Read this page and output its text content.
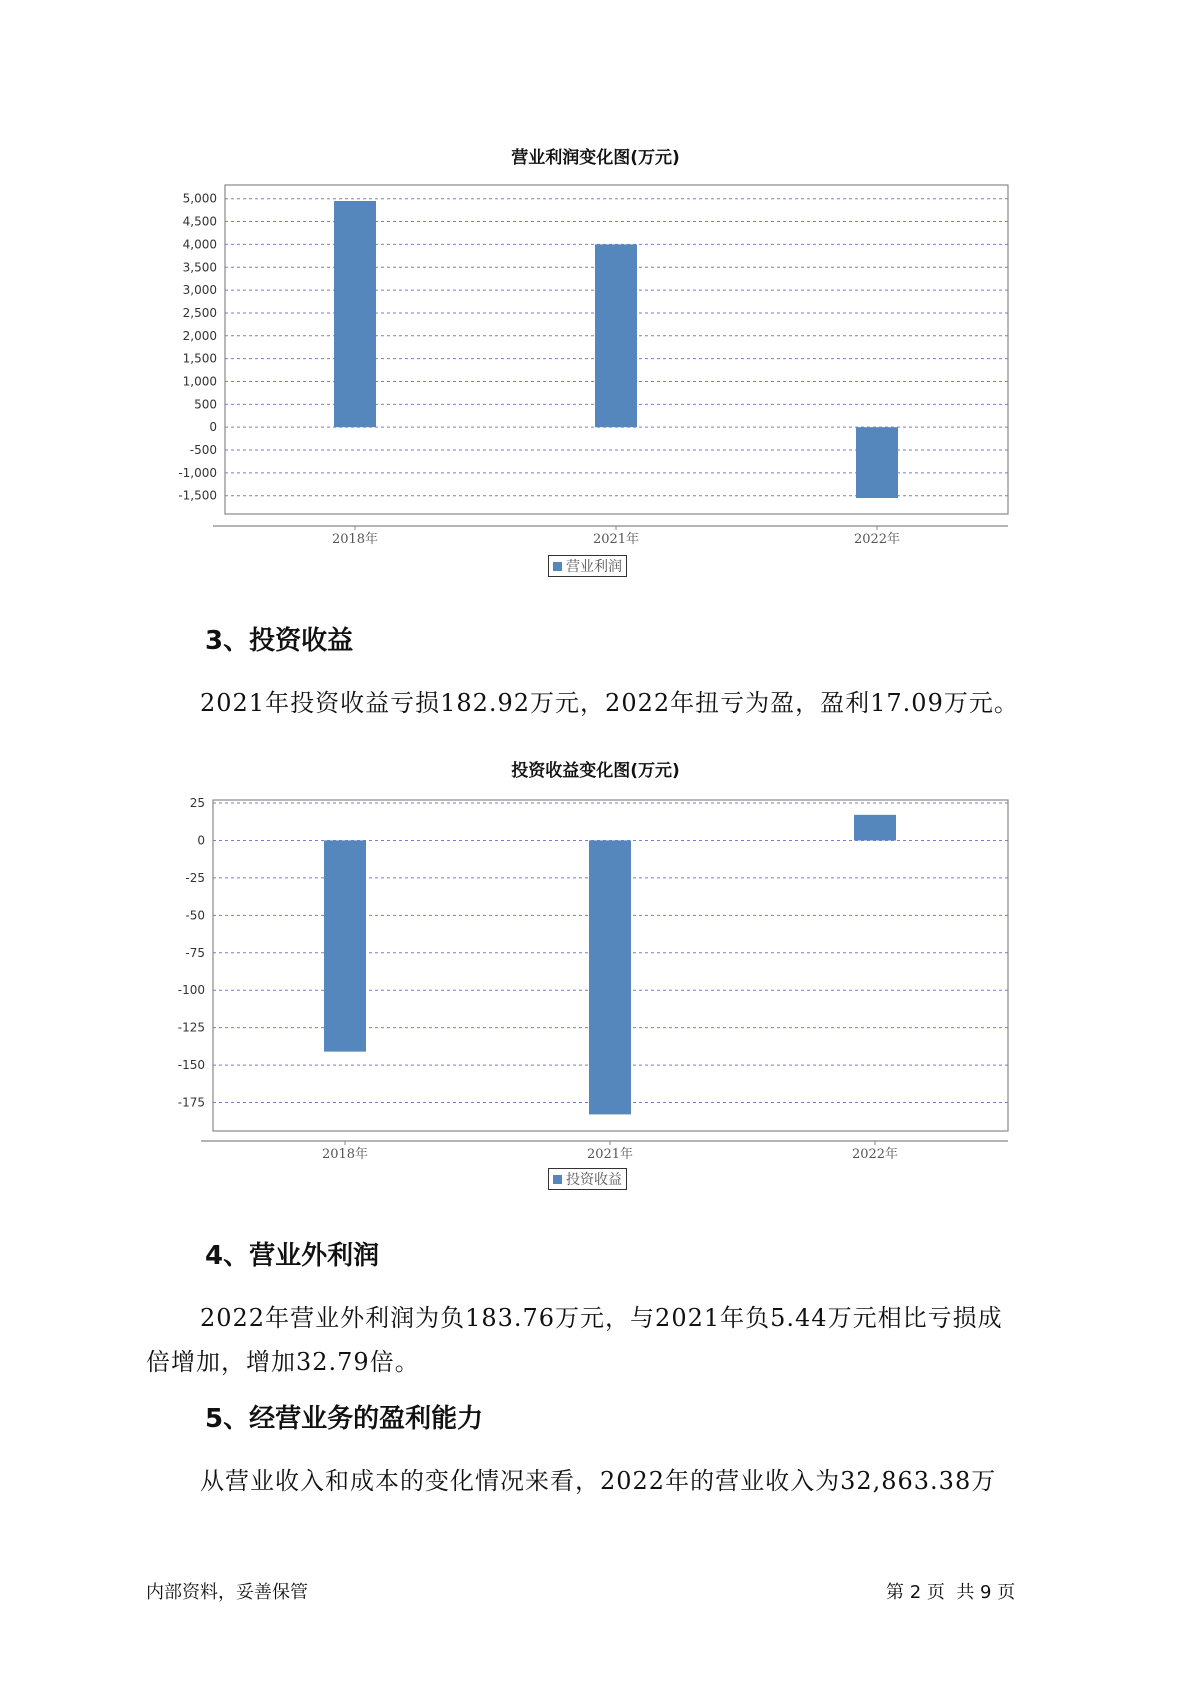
营业利润变化图(万元)
5,000
4,500
4,000
3,500
3,000
2,500
2,000
1,500
1,000
500
0
-500
-1,000
-1,500
2018年	2021年	2022年
营业利润
3、投资收益
2021年投资收益亏损182.92万元，2022年扭亏为盈，盈利17.09万元。
投资收益变化图(万元)
25
0
-25
-50
-75
-100
-125
-150
-175
2018年	2021年	2022年
投资收益
4、营业外利润
2022年营业外利润为负183.76万元，与2021年负5.44万元相比亏损成
倍增加，增加32.79倍。
5、经营业务的盈利能力
从营业收入和成本的变化情况来看，2022年的营业收入为32,863.38万
内部资料，妥善保管	第 2 页  共 9 页
